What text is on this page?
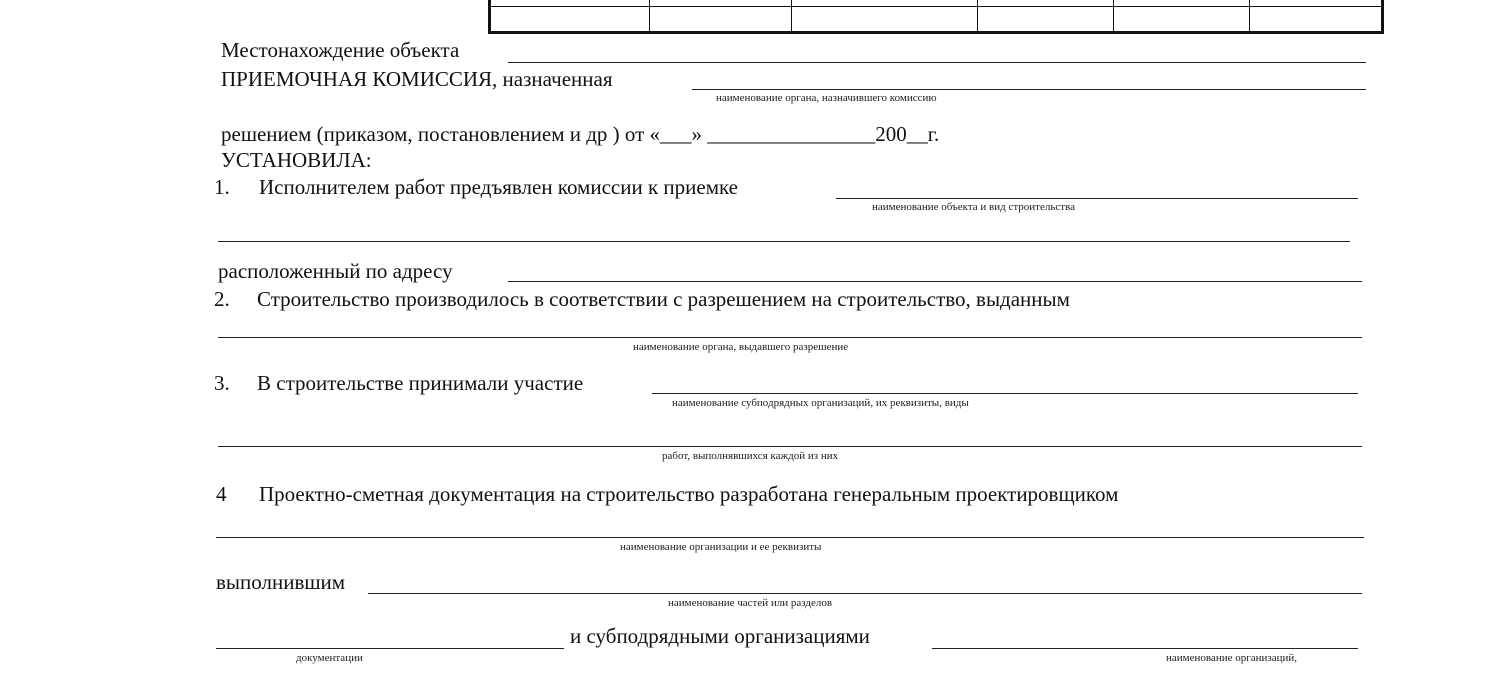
Местонахождение объекта
ПРИЕМОЧНАЯ КОМИССИЯ, назначенная
наименование органа, назначившего комиссию
решением (приказом, постановлением и др ) от «___» ________________200__г.
УСТАНОВИЛА:
1. Исполнителем работ предъявлен комиссии к приемке
наименование объекта и вид строительства
расположенный по адресу
2. Строительство производилось в соответствии с разрешением на строительство, выданным
наименование органа, выдавшего разрешение
3. В строительстве принимали участие
наименование субподрядных организаций, их реквизиты, виды
работ, выполнявшихся каждой из них
4 Проектно-сметная документация на строительство разработана генеральным проектировщиком
наименование организации и ее реквизиты
выполнившим
наименование частей или разделов
и субподрядными организациями
документации	наименование организаций,
